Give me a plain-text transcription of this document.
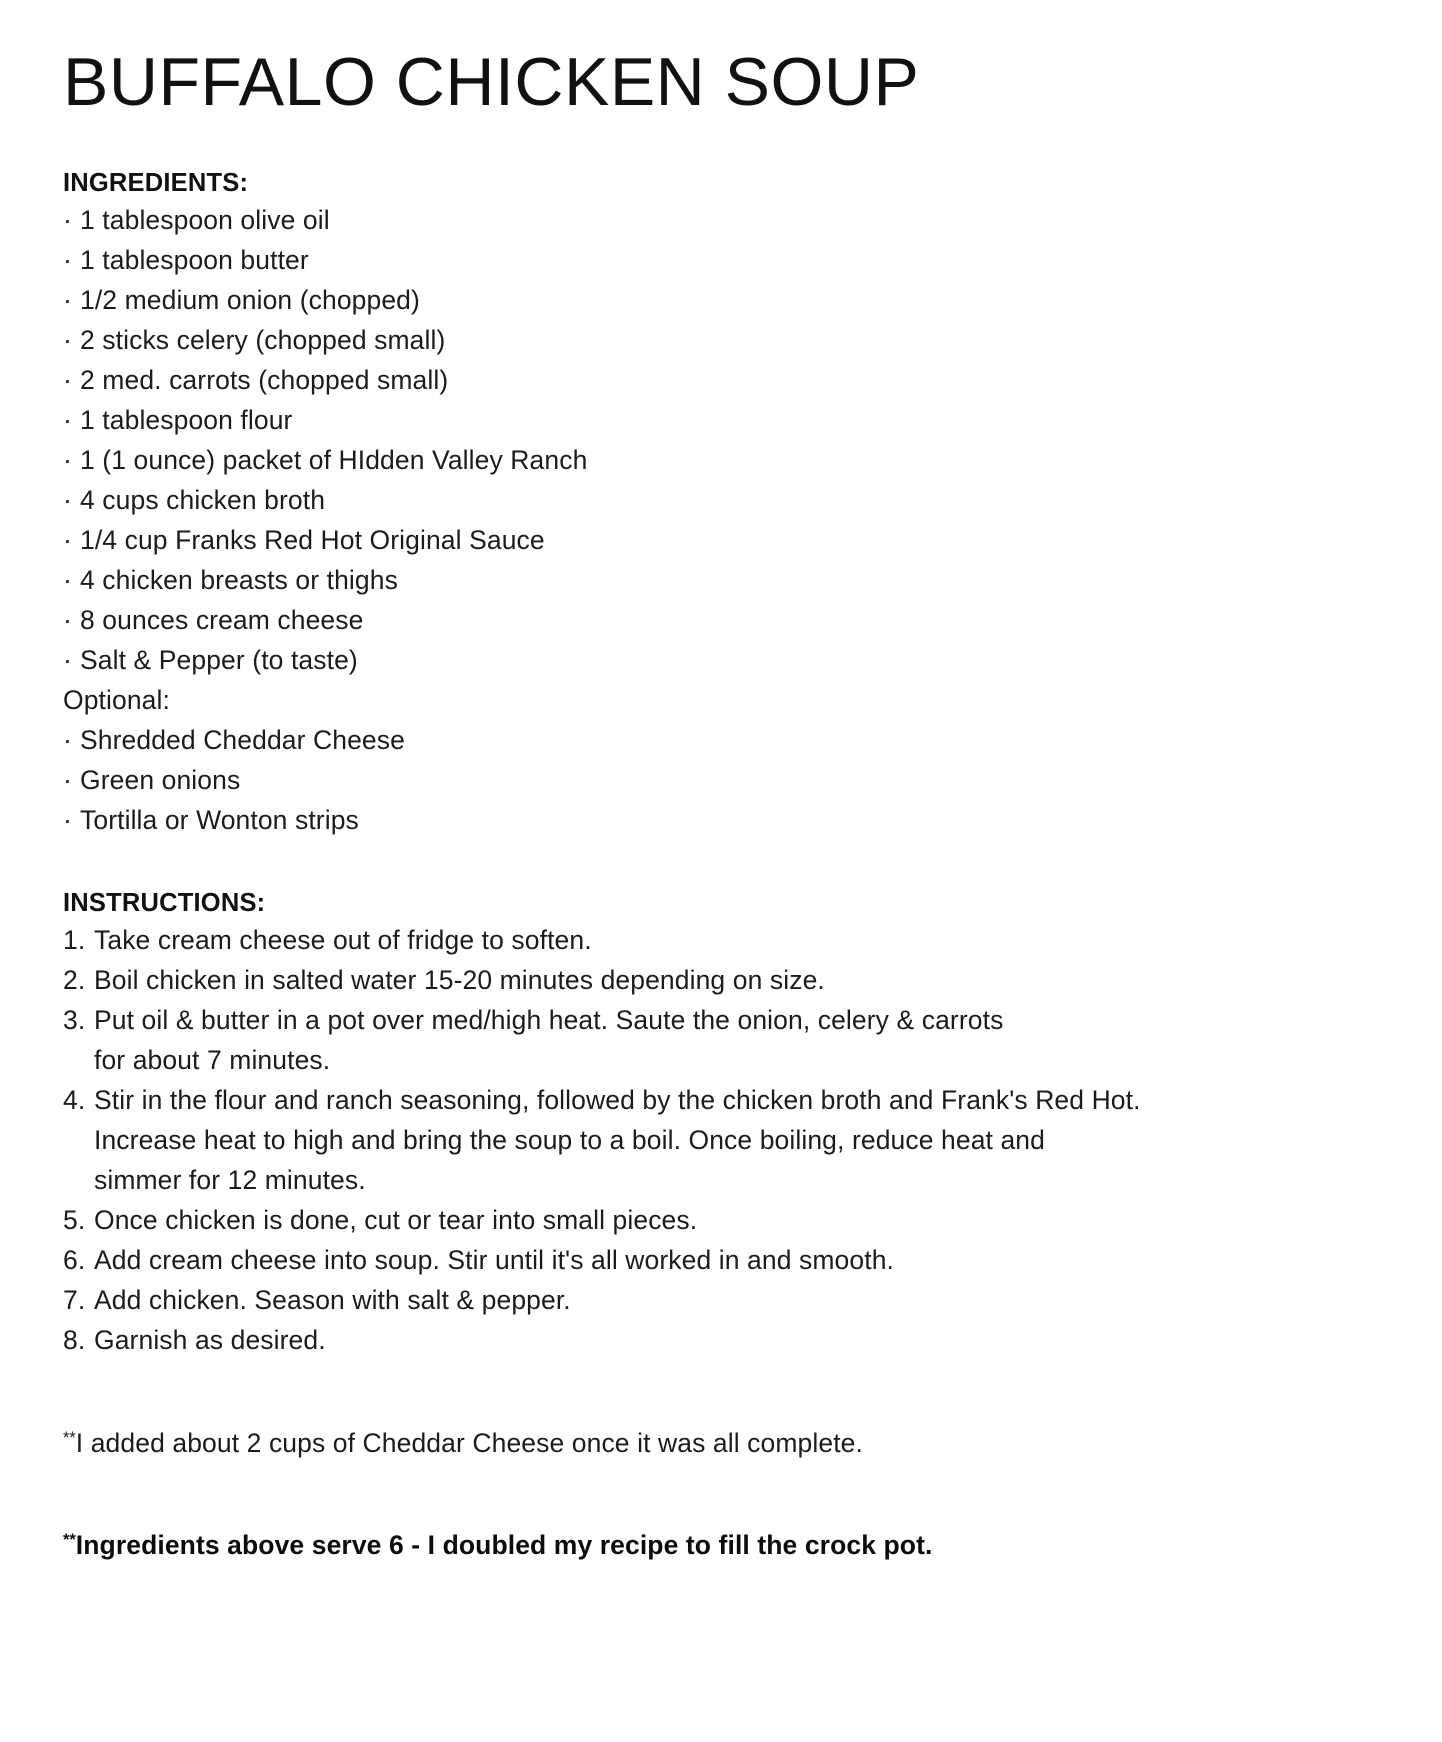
BUFFALO CHICKEN SOUP
INGREDIENTS:
· 1 tablespoon olive oil
· 1 tablespoon butter
· 1/2 medium onion (chopped)
· 2 sticks celery (chopped small)
· 2 med. carrots (chopped small)
· 1 tablespoon flour
· 1 (1 ounce) packet of HIdden Valley Ranch
· 4 cups chicken broth
· 1/4 cup Franks Red Hot Original Sauce
· 4 chicken breasts or thighs
· 8 ounces cream cheese
· Salt & Pepper (to taste)
Optional:
· Shredded Cheddar Cheese
· Green onions
· Tortilla or Wonton strips
INSTRUCTIONS:
1. Take cream cheese out of fridge to soften.
2. Boil chicken in salted water 15-20 minutes depending on size.
3. Put oil & butter in a pot over med/high heat. Saute the onion, celery & carrots
for about 7 minutes.
4. Stir in the flour and ranch seasoning, followed by the chicken broth and Frank's Red Hot.
Increase heat to high and bring the soup to a boil. Once boiling, reduce heat and
simmer for 12 minutes.
5. Once chicken is done, cut or tear into small pieces.
6. Add cream cheese into soup. Stir until it's all worked in and smooth.
7. Add chicken. Season with salt & pepper.
8. Garnish as desired.

**I added about 2 cups of Cheddar Cheese once it was all complete.

**Ingredients above serve 6 - I doubled my recipe to fill the crock pot.
